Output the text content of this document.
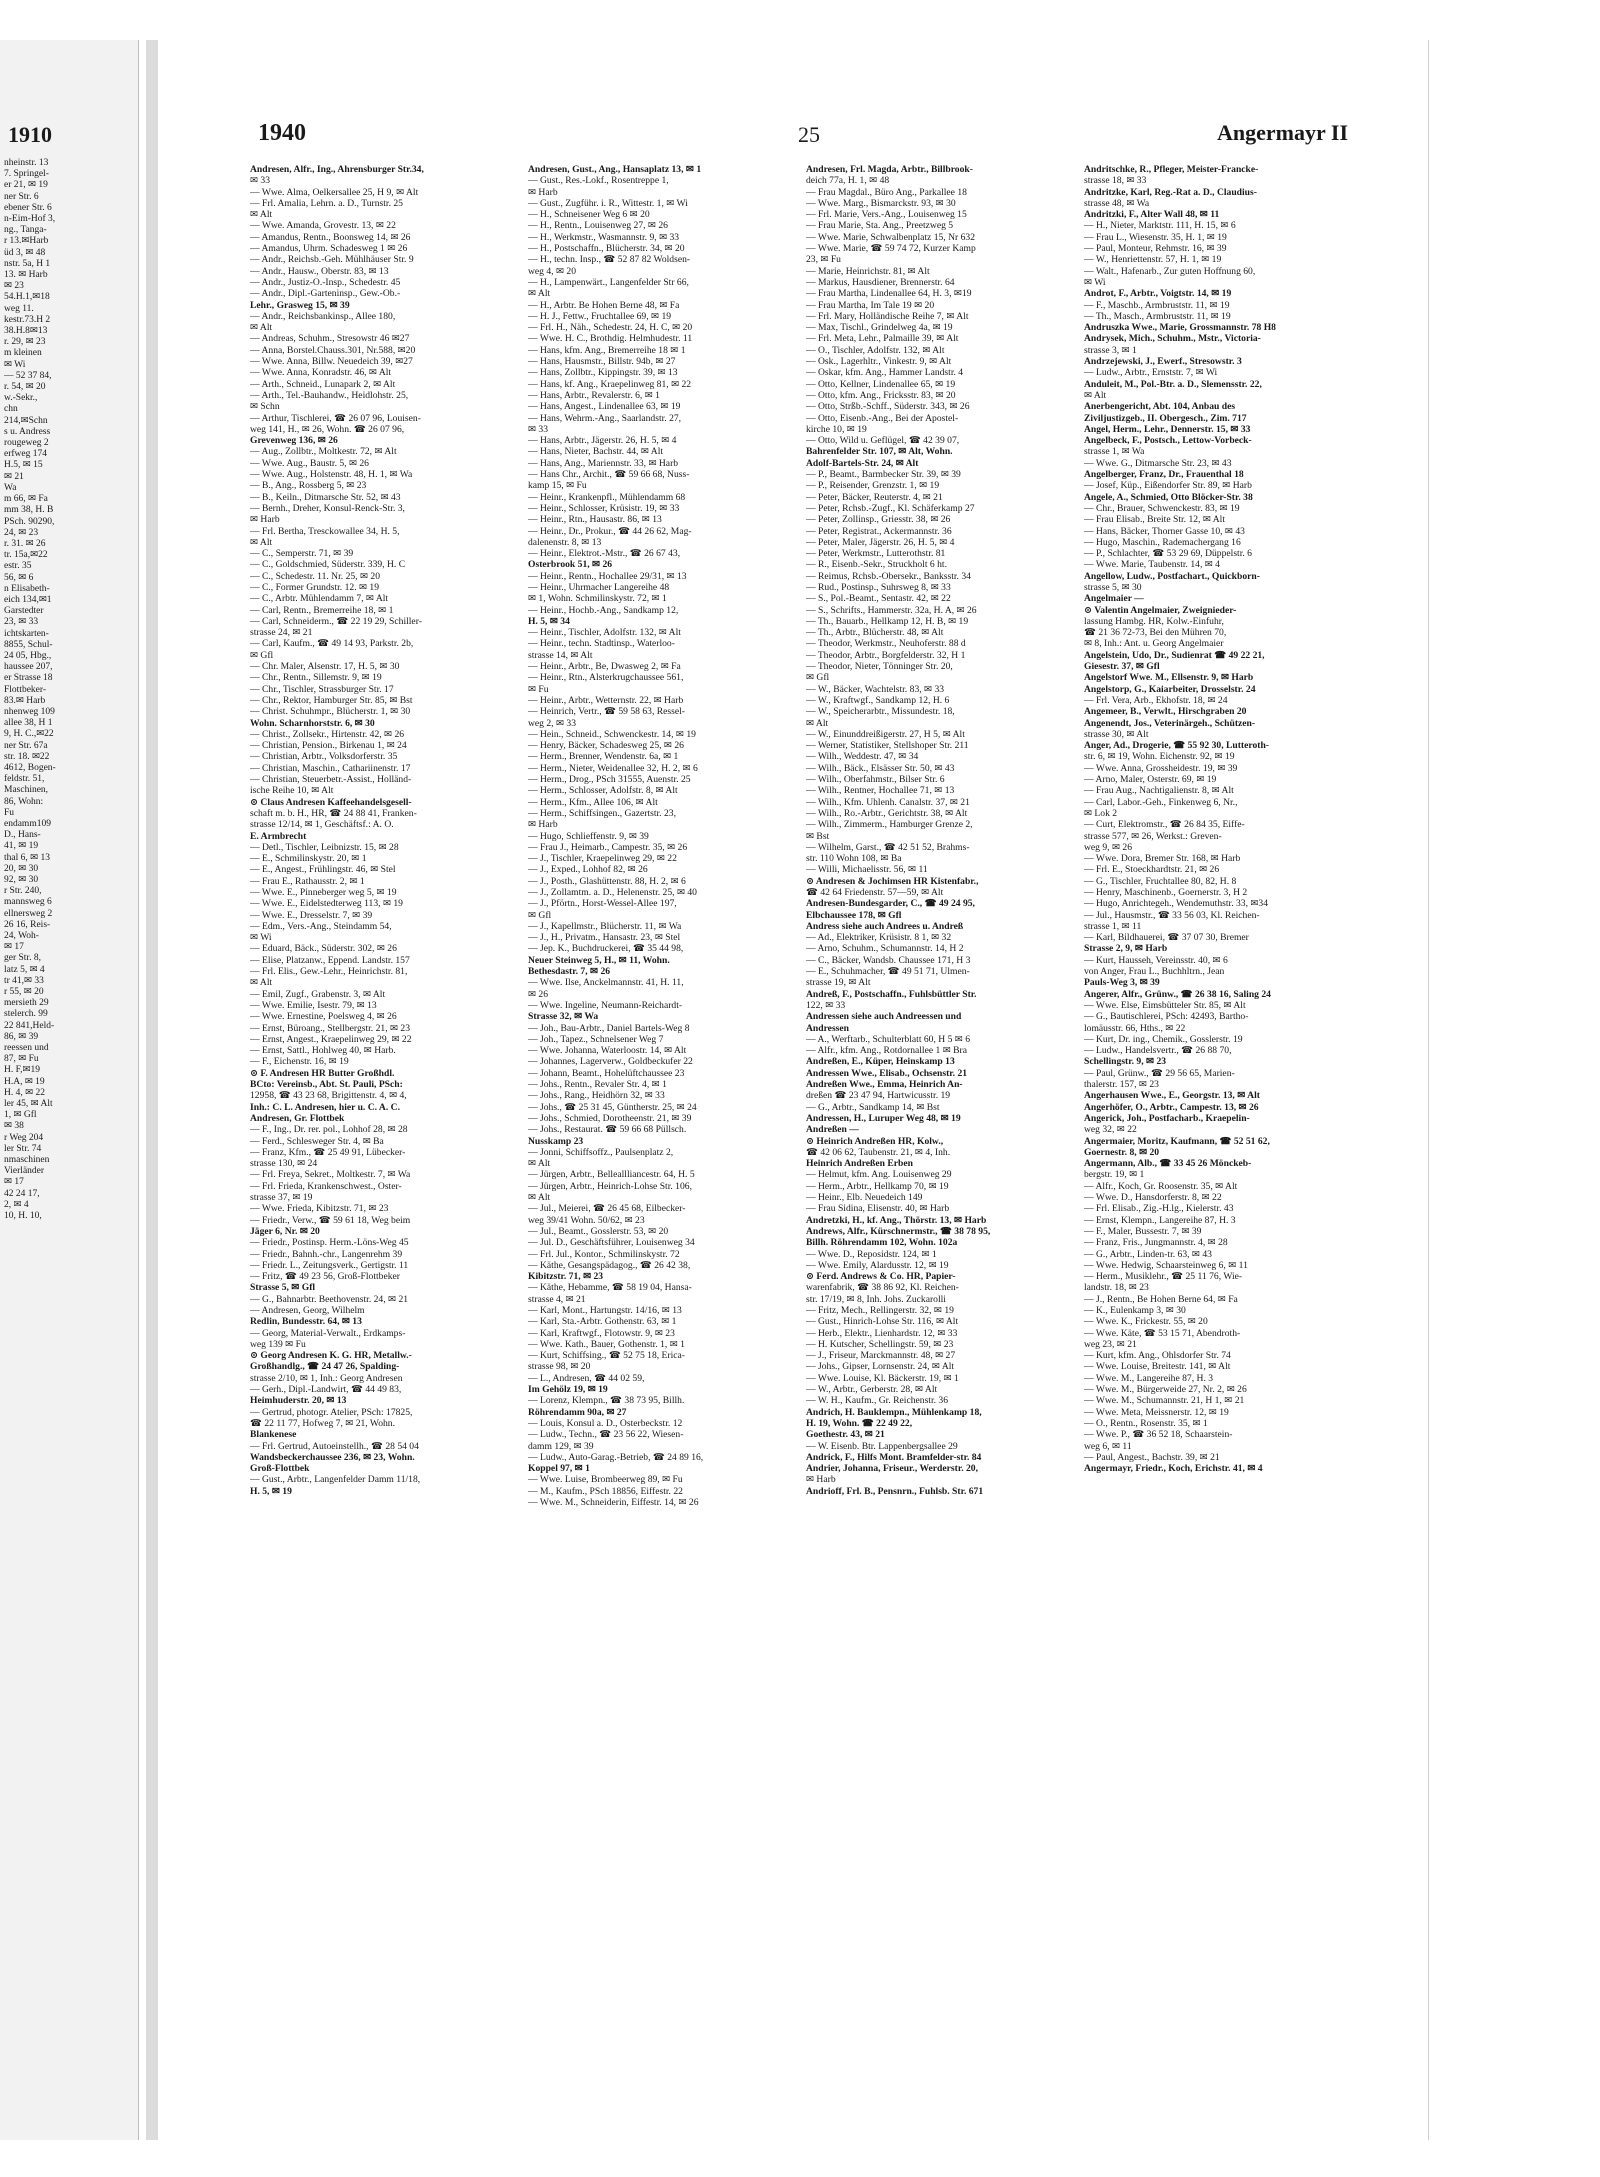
1910
nheinstr. 13
7. Springel-
er 21, ✉ 19
ner Str. 6
ebener Str. 6
n-Eim-Hof 3,
ng., Tanga-
r 13.✉Harb
üd 3, ✉ 48
nstr. 5a, H 1
13. ✉ Harb
✉ 23
54.H.1,✉18
weg 11.
kestr.73.H 2
38.H.8✉13
r. 29, ✉ 23
m kleinen
✉ Wi
— 52 37 84,
r. 54, ✉ 20
w.-Sekr.,
chn
214,✉Schn
s u. Andress
rougeweg 2
erfweg 174
H.5, ✉ 15
✉ 21
Wa
m 66, ✉ Fa
mm 38, H. B
PSch. 90290,
24, ✉ 23
r. 31. ✉ 26
tr. 15a,✉22
estr. 35
56, ✉ 6
n Elisabeth-
eich 134,✉1
Garstedter
23, ✉ 33
ichtskarten-
8855, Schul-
24 05, Hbg.,
haussee 207,
er Strasse 18
Flottbeker-
83.✉ Harb
nhenweg 109
allee 38, H 1
9, H. C.,✉22
ner Str. 67a
str. 18. ✉22
4612, Bogen-
feldstr. 51,
Maschinen,
86, Wohn:
Fu
endamm109
D., Hans-
41, ✉ 19
thal 6, ✉ 13
20, ✉ 30
92, ✉ 30
r Str. 240,
mannsweg 6
ellnersweg 2
26 16, Reis-
24, Woh-
✉ 17
ger Str. 8,
latz 5, ✉ 4
tr 41,✉ 33
r 55, ✉ 20
mersieth 29
stelerch. 99
22 841,Held-
86, ✉ 39
reessen und
87, ✉ Fu
H. F,✉19
H.A, ✉ 19
H. 4, ✉ 22
ler 45, ✉ Alt
1, ✉ Gfl
✉ 38
r Weg 204
ler Str. 74
nmaschinen
Vierländer
✉ 17
42 24 17,
2, ✉ 4
10, H. 10,
1940	25	Angermayr II
Andresen, Alfr., Ing., Ahrensburger Str.34,
✉ 33
— Wwe. Alma, Oelkersallee 25, H 9, ✉ Alt
— Frl. Amalia, Lehrn. a. D., Turnstr. 25
✉ Alt
— Wwe. Amanda, Grovestr. 13, ✉ 22
— Amandus, Rentn., Boonsweg 14, ✉ 26
— Amandus, Uhrm. Schadesweg 1 ✉ 26
— Andr., Reichsb.-Geh. Mühlhäuser Str. 9
— Andr., Hausw., Oberstr. 83, ✉ 13
— Andr., Justiz-O.-Insp., Schedestr. 45
— Andr., Dipl.-Garteninsp., Gew.-Ob.-
Lehr., Grasweg 15, ✉ 39
— Andr., Reichsbankinsp., Allee 180,
✉ Alt
— Andreas, Schuhm., Stresowstr 46 ✉27
— Anna, Borstel.Chauss.301, Nr.588, ✉20
— Wwe. Anna, Billw. Neuedeich 39, ✉27
— Wwe. Anna, Konradstr. 46, ✉ Alt
— Arth., Schneid., Lunapark 2, ✉ Alt
— Arth., Tel.-Bauhandw., Heidlohstr. 25,
✉ Schn
— Arthur, Tischlerei, ☎ 26 07 96, Louisen-
weg 141, H., ✉ 26, Wohn. ☎ 26 07 96,
Grevenweg 136, ✉ 26
— Aug., Zollbtr., Moltkestr. 72, ✉ Alt
— Wwe. Aug., Baustr. 5, ✉ 26
— Wwe. Aug., Holstenstr. 48, H. 1, ✉ Wa
— B., Ang., Rossberg 5, ✉ 23
— B., Keiln., Ditmarsche Str. 52, ✉ 43
— Bernh., Dreher, Konsul-Renck-Str. 3,
✉ Harb
— Frl. Bertha, Tresckowallee 34, H. 5,
✉ Alt
— C., Semperstr. 71, ✉ 39
— C., Goldschmied, Süderstr. 339, H. C
— C., Schedestr. 11. Nr. 25, ✉ 20
— C., Former Grundstr. 12. ✉ 19
— C., Arbtr. Mühlendamm 7, ✉ Alt
— Carl, Rentn., Bremerreihe 18, ✉ 1
— Carl, Schneiderm., ☎ 22 19 29, Schiller-
strasse 24, ✉ 21
— Carl, Kaufm., ☎ 49 14 93, Parkstr. 2b,
✉ Gfl
— Chr. Maler, Alsenstr. 17, H. 5, ✉ 30
— Chr., Rentn., Sillemstr. 9, ✉ 19
— Chr., Tischler, Strassburger Str. 17
— Chr., Rektor, Hamburger Str. 85, ✉ Bst
— Christ. Schuhmpr., Blücherstr. 1, ✉ 30
Wohn. Scharnhorststr. 6, ✉ 30
— Christ., Zollsekr., Hirtenstr. 42, ✉ 26
— Christian, Pension., Birkenau 1, ✉ 24
— Christian, Arbtr., Volksdorferstr. 35
— Christian, Maschin., Cathariinenstr. 17
— Christian, Steuerbetr.-Assist., Holländ-
ische Reihe 10, ✉ Alt
⊙ Claus Andresen Kaffeehandelsgesell-
schaft m. b. H., HR, ☎ 24 88 41, Franken-
strasse 12/14, ✉ 1, Geschäftsf.: A. O.
E. Armbrecht
— Detl., Tischler, Leibnizstr. 15, ✉ 28
— E., Schmilinskystr. 20, ✉ 1
— E., Angest., Frühlingstr. 46, ✉ Stel
— Frau E., Rathausstr. 2, ✉ 1
— Wwe. E., Pinneberger weg 5, ✉ 19
— Wwe. E., Eidelstedterweg 113, ✉ 19
— Wwe. E., Dresselstr. 7, ✉ 39
— Edm., Vers.-Ang., Steindamm 54,
✉ Wi
— Eduard, Bäck., Süderstr. 302, ✉ 26
— Elise, Platzanw., Eppend. Landstr. 157
— Frl. Elis., Gew.-Lehr., Heinrichstr. 81,
✉ Alt
— Emil, Zugf., Grabenstr. 3, ✉ Alt
— Wwe. Emilie, Isestr. 79, ✉ 13
— Wwe. Ernestine, Poelsweg 4, ✉ 26
— Ernst, Büroang., Stellbergstr. 21, ✉ 23
— Ernst, Angest., Kraepelinweg 29, ✉ 22
— Ernst, Sattl., Hohlweg 40, ✉ Harb.
— F., Eichenstr. 16, ✉ 19
⊙ F. Andresen HR Butter Großhdl.
BCto: Vereinsb., Abt. St. Pauli, PSch:
12958, ☎ 43 23 68, Brigittenstr. 4, ✉ 4,
Inh.: C. L. Andresen, hier u. C. A. C.
Andresen, Gr. Flottbek
— F., Ing., Dr. rer. pol., Lohhof 28, ✉ 28
— Ferd., Schlesweger Str. 4, ✉ Ba
— Franz, Kfm., ☎ 25 49 91, Lübecker-
strasse 130, ✉ 24
— Frl. Freya, Sekret., Moltkestr. 7, ✉ Wa
— Frl. Frieda, Krankenschwest., Oster-
strasse 37, ✉ 19
— Wwe. Frieda, Kibitzstr. 71, ✉ 23
— Friedr., Verw., ☎ 59 61 18, Weg beim
Jäger 6, Nr. ✉ 20
— Friedr., Postinsp. Herm.-Löns-Weg 45
— Friedr., Bahnh.-chr., Langenrehm 39
— Friedr. L., Zeitungsverk., Gertigstr. 11
— Fritz, ☎ 49 23 56, Groß-Flottbeker
Strasse 5, ✉ Gfl
— G., Bahnarbtr. Beethovenstr. 24, ✉ 21
— Andresen, Georg, Wilhelm
Redlin, Bundesstr. 64, ✉ 13
— Georg, Material-Verwalt., Erdkamps-
weg 139 ✉ Fu
⊙ Georg Andresen K. G. HR, Metallw.-
Großhandlg., ☎ 24 47 26, Spalding-
strasse 2/10, ✉ 1, Inh.: Georg Andresen
— Gerh., Dipl.-Landwirt, ☎ 44 49 83,
Heimhuderstr. 20, ✉ 13
— Gertrud, photogr. Atelier, PSch: 17825,
☎ 22 11 77, Hofweg 7, ✉ 21, Wohn.
Blankenese
— Frl. Gertrud, Autoeinstellh., ☎ 28 54 04
Wandsbeckerchaussee 236, ✉ 23, Wohn.
Groß-Flottbek
— Gust., Arbtr., Langenfelder Damm 11/18,
H. 5, ✉ 19
Andresen, Gust., Ang., Hansaplatz 13, ✉ 1
— Gust., Res.-Lokf., Rosentreppe 1,
✉ Harb
— Gust., Zugführ. i. R., Wittestr. 1, ✉ Wi
— H., Schneisener Weg 6 ✉ 20
— H., Rentn., Louisenweg 27, ✉ 26
— H., Werkmstr., Wasmannstr. 9, ✉ 33
— H., Postschaffn., Blücherstr. 34, ✉ 20
— H., techn. Insp., ☎ 52 87 82 Woldsen-
weg 4, ✉ 20
— H., Lampenwärt., Langenfelder Str 66,
✉ Alt
— H., Arbtr. Be Hohen Berne 48, ✉ Fa
— H. J., Fettw., Fruchtallee 69, ✉ 19
— Frl. H., Näh., Schedestr. 24, H. C, ✉ 20
— Wwe. H. C., Brothdig. Helmhudestr. 11
— Hans, kfm. Ang., Bremerreihe 18 ✉ 1
— Hans, Hausmstr., Billstr. 94b, ✉ 27
— Hans, Zollbtr., Kippingstr. 39, ✉ 13
— Hans, kf. Ang., Kraepelinweg 81, ✉ 22
— Hans, Arbtr., Revalerstr. 6, ✉ 1
— Hans, Angest., Lindenallee 63, ✉ 19
— Hans, Wehrm.-Ang., Saarlandstr. 27,
✉ 33
— Hans, Arbtr., Jägerstr. 26, H. 5, ✉ 4
— Hans, Nieter, Bachstr. 44, ✉ Alt
— Hans, Ang., Mariennstr. 33, ✉ Harb
— Hans Chr., Archit., ☎ 59 66 68, Nuss-
kamp 15, ✉ Fu
— Heinr., Krankenpfl., Mühlendamm 68
— Heinr., Schlosser, Krüsistr. 19, ✉ 33
— Heinr., Rtn., Hausastr. 86, ✉ 13
— Heinr., Dr., Prokur., ☎ 44 26 62, Mag-
dalenenstr. 8, ✉ 13
— Heinr., Elektrot.-Mstr., ☎ 26 67 43,
Osterbrook 51, ✉ 26
— Heinr., Rentn., Hochallee 29/31, ✉ 13
— Heinr., Uhrmacher Langereihe 48
✉ 1, Wohn. Schmilinskystr. 72, ✉ 1
— Heinr., Hochb.-Ang., Sandkamp 12,
H. 5, ✉ 34
— Heinr., Tischler, Adolfstr. 132, ✉ Alt
— Heinr., techn. Stadtinsp., Waterloo-
strasse 14, ✉ Alt
— Heinr., Arbtr., Be, Dwasweg 2, ✉ Fa
— Heinr., Rtn., Alsterkrugchaussee 561,
✉ Fu
— Heinr., Arbtr., Wetternstr. 22, ✉ Harb
— Heinrich, Vertr., ☎ 59 58 63, Ressel-
weg 2, ✉ 33
— Hein., Schneid., Schwenckestr. 14, ✉ 19
— Henry, Bäcker, Schadesweg 25, ✉ 26
— Herm., Brenner, Wendenstr. 6a, ✉ 1
— Herm., Nieter, Weidenallee 32, H. 2, ✉ 6
— Herm., Drog., PSch 31555, Auenstr. 25
— Herm., Schlosser, Adolfstr. 8, ✉ Alt
— Herm., Kfm., Allee 106, ✉ Alt
— Herm., Schiffsingen., Gazertstr. 23,
✉ Harb
— Hugo, Schlieffenstr. 9, ✉ 39
— Frau J., Heimarb., Campestr. 35, ✉ 26
— J., Tischler, Kraepelinweg 29, ✉ 22
— J., Exped., Lohhof 82, ✉ 26
— J., Posth., Glashüttenstr. 88, H. 2, ✉ 6
— J., Zollamtm. a. D., Helenenstr. 25, ✉ 40
— J., Pförtn., Horst-Wessel-Allee 197,
✉ Gfl
— J., Kapellmstr., Blücherstr. 11, ✉ Wa
— J., H., Privatm., Hansastr. 23, ✉ Stel
— Jep. K., Buchdruckerei, ☎ 35 44 98,
Neuer Steinweg 5, H., ✉ 11, Wohn.
Bethesdastr. 7, ✉ 26
— Wwe. Ilse, Anckelmannstr. 41, H. 11,
✉ 26
— Wwe. Ingeline, Neumann-Reichardt-
Strasse 32, ✉ Wa
— Joh., Bau-Arbtr., Daniel Bartels-Weg 8
— Joh., Tapez., Schnelsener Weg 7
— Wwe. Johanna, Waterloostr. 14, ✉ Alt
— Johannes, Lagerverw., Goldbeckufer 22
— Johann, Beamt., Hohelüftchaussee 23
— Johs., Rentn., Revaler Str. 4, ✉ 1
— Johs., Rang., Heidhörn 32, ✉ 33
— Johs., ☎ 25 31 45, Güntherstr. 25, ✉ 24
— Johs., Schmied, Dorotheenstr. 21, ✉ 39
— Johs., Restaurat. ☎ 59 66 68 Püllsch.
Nusskamp 23
— Jonni, Schiffsoffz., Paulsenplatz 2,
✉ Alt
— Jürgen, Arbtr., Belleallliancestr. 64, H. 5
— Jürgen, Arbtr., Heinrich-Lohse Str. 106,
✉ Alt
— Jul., Meierei, ☎ 26 45 68, Eilbecker-
weg 39/41 Wohn. 50/62, ✉ 23
— Jul., Beamt., Gosslerstr. 53, ✉ 20
— Jul. D., Geschäftsführer, Louisenweg 34
— Frl. Jul., Kontor., Schmilinskystr. 72
— Käthe, Gesangspädagog., ☎ 26 42 38,
Kibitzstr. 71, ✉ 23
— Käthe, Hebamme, ☎ 58 19 04, Hansa-
strasse 4, ✉ 21
— Karl, Mont., Hartungstr. 14/16, ✉ 13
— Karl, Sta.-Arbtr. Gothenstr. 63, ✉ 1
— Karl, Kraftwgf., Flotowstr. 9, ✉ 23
— Wwe. Kath., Bauer, Gothenstr. 1, ✉ 1
— Kurt, Schiffsing., ☎ 52 75 18, Erica-
strasse 98, ✉ 20
— L., Andresen, ☎ 44 02 59,
Im Gehölz 19, ✉ 19
— Lorenz, Klempn., ☎ 38 73 95, Billh.
Röhrendamm 90a, ✉ 27
— Louis, Konsul a. D., Osterbeckstr. 12
— Ludw., Techn., ☎ 23 56 22, Wiesen-
damm 129, ✉ 39
— Ludw., Auto-Garag.-Betrieb, ☎ 24 89 16,
Koppel 97, ✉ 1
— Wwe. Luise, Brombeerweg 89, ✉ Fu
— M., Kaufm., PSch 18856, Eiffestr. 22
— Wwe. M., Schneiderin, Eiffestr. 14, ✉ 26
Andresen, Frl. Magda, Arbtr., Billbrook-
deich 77a, H. 1, ✉ 48
— Frau Magdal., Büro Ang., Parkallee 18
— Wwe. Marg., Bismarckstr. 93, ✉ 30
— Frl. Marie, Vers.-Ang., Louisenweg 15
— Frau Marie, Sta. Ang., Preetzweg 5
— Wwe. Marie, Schwalbenplatz 15, Nr 632
— Wwe. Marie, ☎ 59 74 72, Kurzer Kamp
23, ✉ Fu
— Marie, Heinrichstr. 81, ✉ Alt
— Markus, Hausdiener, Brennerstr. 64
— Frau Martha, Lindenallee 64, H. 3, ✉19
— Frau Martha, Im Tale 19 ✉ 20
— Frl. Mary, Holländische Reihe 7, ✉ Alt
— Max, Tischl., Grindelweg 4a, ✉ 19
— Frl. Meta, Lehr., Palmaille 39, ✉ Alt
— O., Tischler, Adolfstr. 132, ✉ Alt
— Osk., Lagerhltr., Vinkestr. 9, ✉ Alt
— Oskar, kfm. Ang., Hammer Landstr. 4
— Otto, Kellner, Lindenallee 65, ✉ 19
— Otto, kfm. Ang., Fricksstr. 83, ✉ 20
— Otto, Strßb.-Schff., Süderstr. 343, ✉ 26
— Otto, Eisenb.-Ang., Bei der Apostel-
kirche 10, ✉ 19
— Otto, Wild u. Geflügel, ☎ 42 39 07,
Bahrenfelder Str. 107, ✉ Alt, Wohn.
Adolf-Bartels-Str. 24, ✉ Alt
— P., Beamt., Barmbecker Str. 39, ✉ 39
— P., Reisender, Grenzstr. 1, ✉ 19
— Peter, Bäcker, Reuterstr. 4, ✉ 21
— Peter, Rchsb.-Zugf., Kl. Schäferkamp 27
— Peter, Zollinsp., Griesstr. 38, ✉ 26
— Peter, Registrat., Ackermannstr. 36
— Peter, Maler, Jägerstr. 26, H. 5, ✉ 4
— Peter, Werkmstr., Lutterothstr. 81
— R., Eisenb.-Sekr., Struckholt 6 ht.
— Reimus, Rchsb.-Obersekr., Banksstr. 34
— Rud., Postinsp., Suhrsweg 8, ✉ 33
— S., Pol.-Beamt., Sentastr. 42, ✉ 22
— S., Schrifts., Hammerstr. 32a, H. A, ✉ 26
— Th., Bauarb., Hellkamp 12, H. B, ✉ 19
— Th., Arbtr., Blücherstr. 48, ✉ Alt
— Theodor, Werkmstr., Neuhoferstr. 88 d
— Theodor, Arbtr., Borgfelderstr. 32, H 1
— Theodor, Nieter, Tönninger Str. 20,
✉ Gfl
— W., Bäcker, Wachtelstr. 83, ✉ 33
— W., Kraftwgf., Sandkamp 12, H. 6
— W., Speicherarbtr., Missundestr. 18,
✉ Alt
— W., Einunddreißigerstr. 27, H 5, ✉ Alt
— Werner, Statistiker, Stellshoper Str. 211
— Wilh., Weddestr. 47, ✉ 34
— Wilh., Bäck., Elsässer Str. 50, ✉ 43
— Wilh., Oberfahmstr., Bilser Str. 6
— Wilh., Rentner, Hochallee 71, ✉ 13
— Wilh., Kfm. Uhlenh. Canalstr. 37, ✉ 21
— Wilh., Ro.-Arbtr., Gerichtstr. 38, ✉ Alt
— Wilh., Zimmerm., Hamburger Grenze 2,
✉ Bst
— Wilhelm, Garst., ☎ 42 51 52, Brahms-
str. 110 Wohn 108, ✉ Ba
— Willi, Michaelisstr. 56, ✉ 11
⊙ Andresen & Jochimsen HR Kistenfabr.,
☎ 42 64 Friedenstr. 57—59, ✉ Alt
Andresen-Bundesgarder, C., ☎ 49 24 95,
Elbchaussee 178, ✉ Gfl
Andress siehe auch Andrees u. Andreß
— Ad., Elektriker, Krüsistr. 8 1, ✉ 32
— Arno, Schuhm., Schumannstr. 14, H 2
— C., Bäcker, Wandsb. Chaussee 171, H 3
— E., Schuhmacher, ☎ 49 51 71, Ulmen-
strasse 19, ✉ Alt
Andreß, F., Postschaffn., Fuhlsbüttler Str.
122, ✉ 33
Andressen siehe auch Andreessen und
Andressen
— A., Werftarb., Schulterblatt 60, H 5 ✉ 6
— Alfr., kfm. Ang., Rotdornallee 1 ✉ Bra
Andreßen, E., Küper, Heinskamp 13
Andressen Wwe., Elisab., Ochsenstr. 21
Andreßen Wwe., Emma, Heinrich An-
dreßen ☎ 23 47 94, Hartwicusstr. 19
— G., Arbtr., Sandkamp 14, ✉ Bst
Andressen, H., Luruper Weg 48, ✉ 19
Andreßen —
⊙ Heinrich Andreßen HR, Kolw.,
☎ 42 06 62, Taubenstr. 21, ✉ 4, Inh.
Heinrich Andreßen Erben
— Helmut, kfm. Ang. Louisenweg 29
— Herm., Arbtr., Hellkamp 70, ✉ 19
— Heinr., Elb. Neuedeich 149
— Frau Sidina, Elisenstr. 40, ✉ Harb
Andretzki, H., kf. Ang., Thörstr. 13, ✉ Harb
Andrews, Alfr., Kürschnermstr., ☎ 38 78 95,
Billh. Röhrendamm 102, Wohn. 102a
— Wwe. D., Reposidstr. 124, ✉ 1
— Wwe. Emily, Alardusstr. 12, ✉ 19
⊙ Ferd. Andrews & Co. HR, Papier-
warenfabrik, ☎ 38 86 92, Kl. Reichen-
str. 17/19, ✉ 8, Inh. Johs. Zuckarolli
— Fritz, Mech., Rellingerstr. 32, ✉ 19
— Gust., Hinrich-Lohse Str. 116, ✉ Alt
— Herb., Elektr., Lienhardstr. 12, ✉ 33
— H. Kutscher, Schellingstr. 59, ✉ 23
— J., Friseur, Marckmannstr. 48, ✉ 27
— Johs., Gipser, Lornsenstr. 24, ✉ Alt
— Wwe. Louise, Kl. Bäckerstr. 19, ✉ 1
— W., Arbtr., Gerberstr. 28, ✉ Alt
— W. H., Kaufm., Gr. Reichenstr. 36
Andrich, H. Bauklempn., Mühlenkamp 18,
H. 19, Wohn. ☎ 22 49 22,
Goethestr. 43, ✉ 21
— W. Eisenb. Btr. Lappenbergsallee 29
Andrick, F., Hilfs Mont. Bramfelder-str. 84
Andrier, Johanna, Friseur., Werderstr. 20,
✉ Harb
Andrioff, Frl. B., Pensnrn., Fuhlsb. Str. 671
Andritschke, R., Pfleger, Meister-Francke-
strasse 18, ✉ 33
Andritzke, Karl, Reg.-Rat a. D., Claudius-
strasse 48, ✉ Wa
Andritzki, F., Alter Wall 48, ✉ 11
— H., Nieter, Marktstr. 111, H. 15, ✉ 6
— Frau L., Wiesenstr. 35, H. 1, ✉ 19
— Paul, Monteur, Rehmstr. 16, ✉ 39
— W., Henriettenstr. 57, H. 1, ✉ 19
— Walt., Hafenarb., Zur guten Hoffnung 60,
✉ Wi
Androt, F., Arbtr., Voigtstr. 14, ✉ 19
— F., Maschb., Armbruststr. 11, ✉ 19
— Th., Masch., Armbruststr. 11, ✉ 19
Andruszka Wwe., Marie, Grossmannstr. 78 H8
Andrysek, Mich., Schuhm., Mstr., Victoria-
strasse 3, ✉ 1
Andrzejewski, J., Ewerf., Stresowstr. 3
— Ludw., Arbtr., Ernststr. 7, ✉ Wi
Anduleit, M., Pol.-Btr. a. D., Slemensstr. 22,
✉ Alt
Anerbengericht, Abt. 104, Anbau des
Ziviljustizgeb., II. Obergesch., Zim. 717
Angel, Herm., Lehr., Dennerstr. 15, ✉ 33
Angelbeck, F., Postsch., Lettow-Vorbeck-
strasse 1, ✉ Wa
— Wwe. G., Ditmarsche Str. 23, ✉ 43
Angelberger, Franz, Dr., Frauenthal 18
— Josef, Küp., Eißendorfer Str. 89, ✉ Harb
Angele, A., Schmied, Otto Blöcker-Str. 38
— Chr., Brauer, Schwenckestr. 83, ✉ 19
— Frau Elisab., Breite Str. 12, ✉ Alt
— Hans, Bäcker, Thorner Gasse 10, ✉ 43
— Hugo, Maschin., Rademachergang 16
— P., Schlachter, ☎ 53 29 69, Düppelstr. 6
— Wwe. Marie, Taubenstr. 14, ✉ 4
Angellow, Ludw., Postfachart., Quickborn-
strasse 5, ✉ 30
Angelmaier —
⊙ Valentin Angelmaier, Zweignieder-
lassung Hambg. HR, Kolw.-Einfuhr,
☎ 21 36 72-73, Bei den Mühren 70,
✉ 8, Inh.: Ant. u. Georg Angelmaier
Angelstein, Udo, Dr., Sudienrat ☎ 49 22 21,
Giesestr. 37, ✉ Gfl
Angelstorf Wwe. M., Ellsenstr. 9, ✉ Harb
Angelstorp, G., Kaiarbeiter, Drosselstr. 24
— Frl. Vera, Arb., Ekhofstr. 18, ✉ 24
Angemeer, B., Verwlt., Hirschgraben 20
Angenendt, Jos., Veterinärgeh., Schützen-
strasse 30, ✉ Alt
Anger, Ad., Drogerie, ☎ 55 92 30, Lutteroth-
str. 6, ✉ 19, Wohn. Eichenstr. 92, ✉ 19
— Wwe. Anna, Grossheidestr. 19, ✉ 39
— Arno, Maler, Osterstr. 69, ✉ 19
— Frau Aug., Nachtigalienstr. 8, ✉ Alt
— Carl, Labor.-Geh., Finkenweg 6, Nr.,
✉ Lok 2
— Curt, Elektromstr., ☎ 26 84 35, Eiffe-
strasse 577, ✉ 26, Werkst.: Greven-
weg 9, ✉ 26
— Wwe. Dora, Bremer Str. 168, ✉ Harb
— Frl. E., Stoeckhardtstr. 21, ✉ 26
— G., Tischler, Fruchtallee 80, 82, H. 8
— Henry, Maschinenb., Goernerstr. 3, H 2
— Hugo, Anrichtegeh., Wendemuthstr. 33, ✉34
— Jul., Hausmstr., ☎ 33 56 03, Kl. Reichen-
strasse 1, ✉ 11
— Karl, Bildhauerei, ☎ 37 07 30, Bremer
Strasse 2, 9, ✉ Harb
— Kurt, Hausseh, Vereinsstr. 40, ✉ 6
von Anger, Frau L., Buchhltrn., Jean
Pauls-Weg 3, ✉ 39
Angerer, Alfr., Grünw., ☎ 26 38 16, Saling 24
— Wwe. Else, Eimsbütteler Str. 85, ✉ Alt
— G., Bautischlerei, PSch: 42493, Bartho-
lomäusstr. 66, Hths., ✉ 22
— Kurt, Dr. ing., Chemik., Gosslerstr. 19
— Ludw., Handelsvertr., ☎ 26 88 70,
Schellingstr. 9, ✉ 23
— Paul, Grünw., ☎ 29 56 65, Marien-
thalerstr. 157, ✉ 23
Angerhausen Wwe., E., Georgstr. 13, ✉ Alt
Angerhöfer, O., Arbtr., Campestr. 13, ✉ 26
Angerick, Joh., Postfacharb., Kraepelin-
weg 32, ✉ 22
Angermaier, Moritz, Kaufmann, ☎ 52 51 62,
Goernestr. 8, ✉ 20
Angermann, Alb., ☎ 33 45 26 Mönckeb-
bergstr. 19, ✉ 1
— Alfr., Koch, Gr. Roosenstr. 35, ✉ Alt
— Wwe. D., Hansdorferstr. 8, ✉ 22
— Frl. Elisab., Zig.-H.lg., Kielerstr. 43
— Ernst, Klempn., Langereihe 87, H. 3
— F., Maler, Bussestr. 7, ✉ 39
— Franz, Fris., Jungmannstr. 4, ✉ 28
— G., Arbtr., Linden-tr. 63, ✉ 43
— Wwe. Hedwig, Schaarsteinweg 6, ✉ 11
— Herm., Musiklehr., ☎ 25 11 76, Wie-
landstr. 18, ✉ 23
— J., Rentn., Be Hohen Berne 64, ✉ Fa
— K., Eulenkamp 3, ✉ 30
— Wwe. K., Frickestr. 55, ✉ 20
— Wwe. Käte, ☎ 53 15 71, Abendroth-
weg 23, ✉ 21
— Kurt, kfm. Ang., Ohlsdorfer Str. 74
— Wwe. Louise, Breitestr. 141, ✉ Alt
— Wwe. M., Langereihe 87, H. 3
— Wwe. M., Bürgerweide 27, Nr. 2, ✉ 26
— Wwe. M., Schumannstr. 21, H 1, ✉ 21
— Wwe. Meta, Meissnerstr. 12, ✉ 19
— O., Rentn., Rosenstr. 35, ✉ 1
— Wwe. P., ☎ 36 52 18, Schaarstein-
weg 6, ✉ 11
— Paul, Angest., Bachstr. 39, ✉ 21
Angermayr, Friedr., Koch, Erichstr. 41, ✉ 4
